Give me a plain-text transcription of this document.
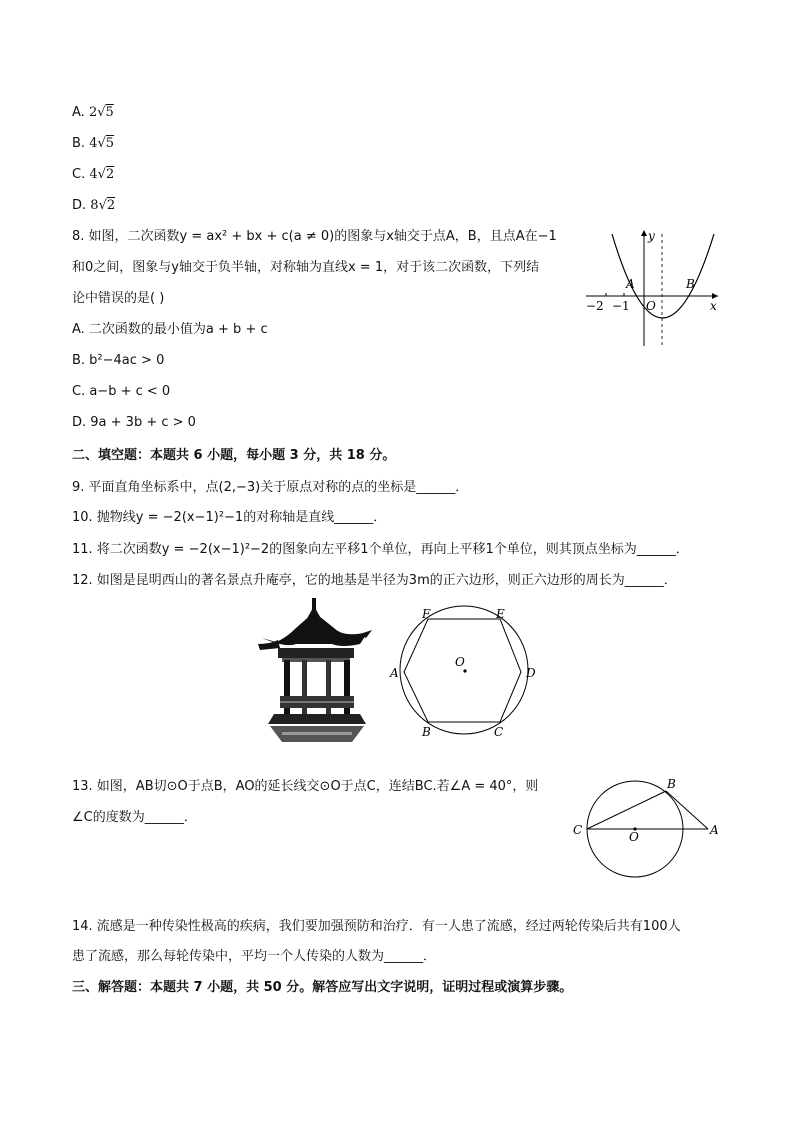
A. 2√5
B. 4√5
C. 4√2
D. 8√2
8. 如图，二次函数y = ax² + bx + c(a ≠ 0)的图象与x轴交于点A，B，且点A在−1
和0之间，图象与y轴交于负半轴，对称轴为直线x = 1，对于该二次函数，下列结
论中错误的是( )
A. 二次函数的最小值为a + b + c
B. b²−4ac > 0
C. a−b + c < 0
D. 9a + 3b + c > 0
y
x
A	B
O
−2 −1
二、填空题：本题共 6 小题，每小题 3 分，共 18 分。
9. 平面直角坐标系中，点(2,−3)关于原点对称的点的坐标是______．
10. 抛物线y = −2(x−1)²−1的对称轴是直线______．
11. 将二次函数y = −2(x−1)²−2的图象向左平移1个单位，再向上平移1个单位，则其顶点坐标为______．
12. 如图是昆明西山的著名景点升庵亭，它的地基是半径为3m的正六边形，则正六边形的周长为______．
F	E
A	D
B	C
O
13. 如图，AB切⊙O于点B，AO的延长线交⊙O于点C，连结BC.若∠A = 40°，则
∠C的度数为______．
B
C	O	A
14. 流感是一种传染性极高的疾病，我们要加强预防和治疗．有一人患了流感，经过两轮传染后共有100人
患了流感，那么每轮传染中，平均一个人传染的人数为______．
三、解答题：本题共 7 小题，共 50 分。解答应写出文字说明，证明过程或演算步骤。
